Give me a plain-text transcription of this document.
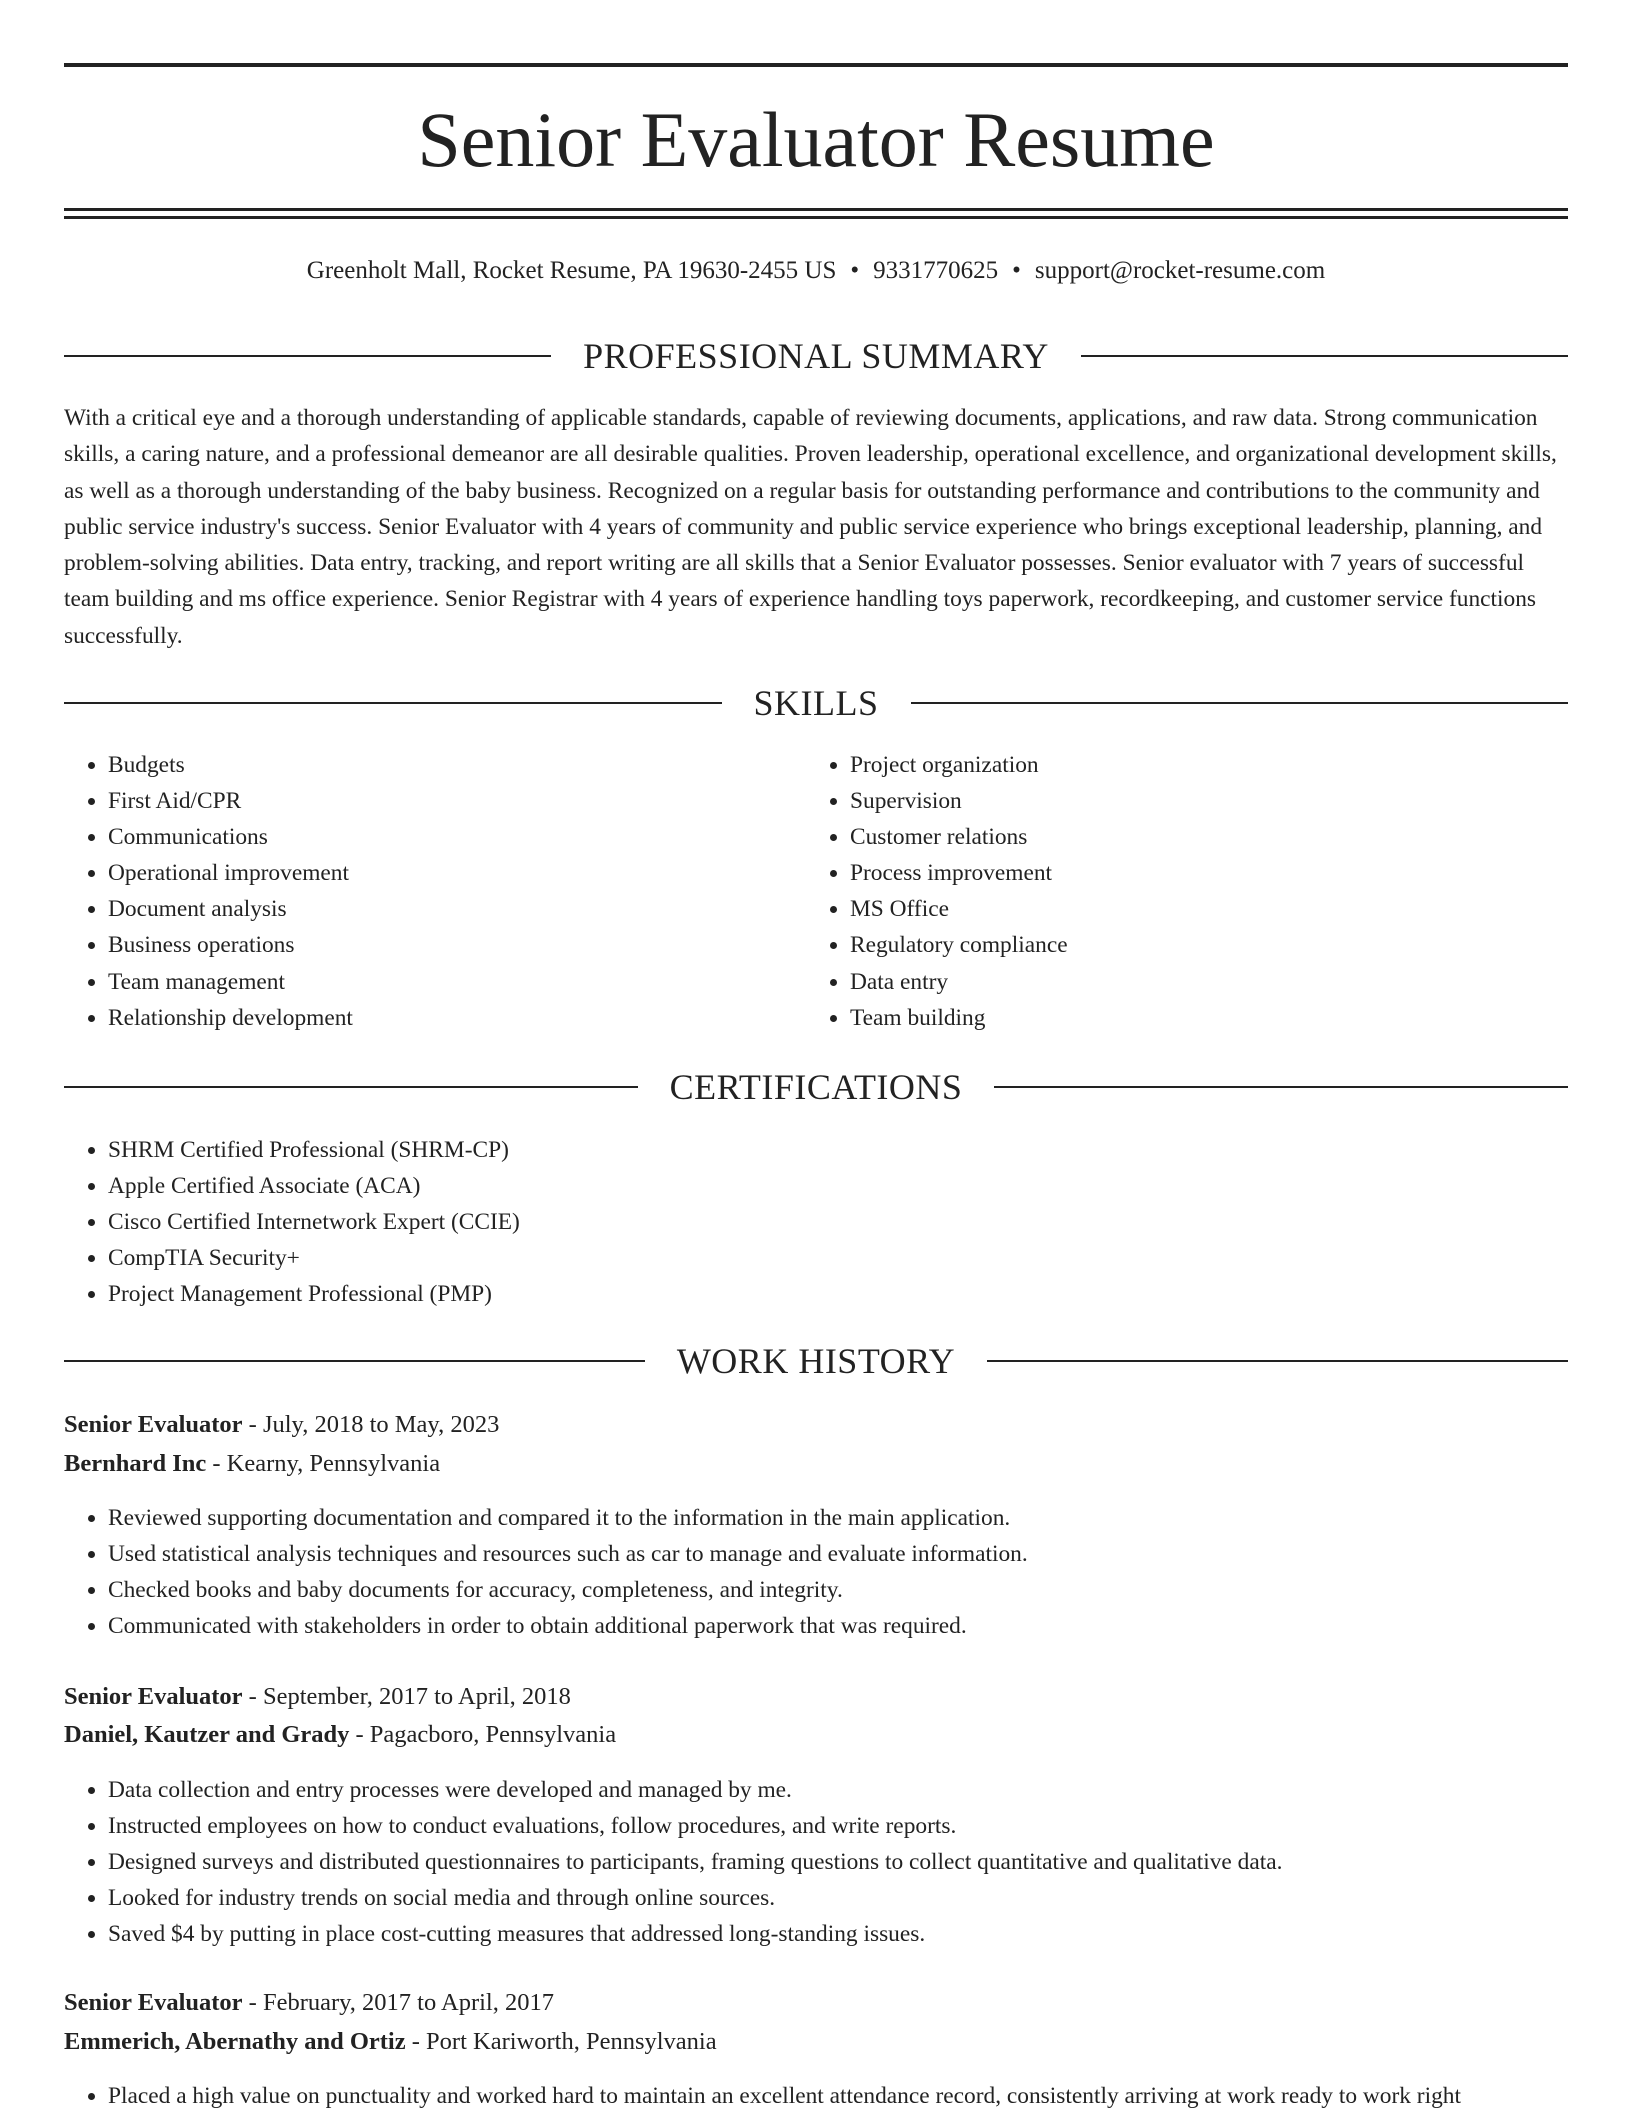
Senior Evaluator Resume
Greenholt Mall, Rocket Resume, PA 19630-2455 US • 9331770625 • support@rocket-resume.com
PROFESSIONAL SUMMARY

With a critical eye and a thorough understanding of applicable standards, capable of reviewing documents, applications, and raw data. Strong communication skills, a caring nature, and a professional demeanor are all desirable qualities. Proven leadership, operational excellence, and organizational development skills, as well as a thorough understanding of the baby business. Recognized on a regular basis for outstanding performance and contributions to the community and public service industry's success. Senior Evaluator with 4 years of community and public service experience who brings exceptional leadership, planning, and problem-solving abilities. Data entry, tracking, and report writing are all skills that a Senior Evaluator possesses. Senior evaluator with 7 years of successful team building and ms office experience. Senior Registrar with 4 years of experience handling toys paperwork, recordkeeping, and customer service functions successfully.

SKILLS
• Budgets
• First Aid/CPR
• Communications
• Operational improvement
• Document analysis
• Business operations
• Team management
• Relationship development
• Project organization
• Supervision
• Customer relations
• Process improvement
• MS Office
• Regulatory compliance
• Data entry
• Team building
CERTIFICATIONS
• SHRM Certified Professional (SHRM-CP)
• Apple Certified Associate (ACA)
• Cisco Certified Internetwork Expert (CCIE)
• CompTIA Security+
• Project Management Professional (PMP)
WORK HISTORY
Senior Evaluator - July, 2018 to May, 2023
Bernhard Inc - Kearny, Pennsylvania
• Reviewed supporting documentation and compared it to the information in the main application.
• Used statistical analysis techniques and resources such as car to manage and evaluate information.
• Checked books and baby documents for accuracy, completeness, and integrity.
• Communicated with stakeholders in order to obtain additional paperwork that was required.
Senior Evaluator - September, 2017 to April, 2018
Daniel, Kautzer and Grady - Pagacboro, Pennsylvania
• Data collection and entry processes were developed and managed by me.
• Instructed employees on how to conduct evaluations, follow procedures, and write reports.
• Designed surveys and distributed questionnaires to participants, framing questions to collect quantitative and qualitative data.
• Looked for industry trends on social media and through online sources.
• Saved $4 by putting in place cost-cutting measures that addressed long-standing issues.
Senior Evaluator - February, 2017 to April, 2017
Emmerich, Abernathy and Ortiz - Port Kariworth, Pennsylvania
• Placed a high value on punctuality and worked hard to maintain an excellent attendance record, consistently arriving at work ready to work right
